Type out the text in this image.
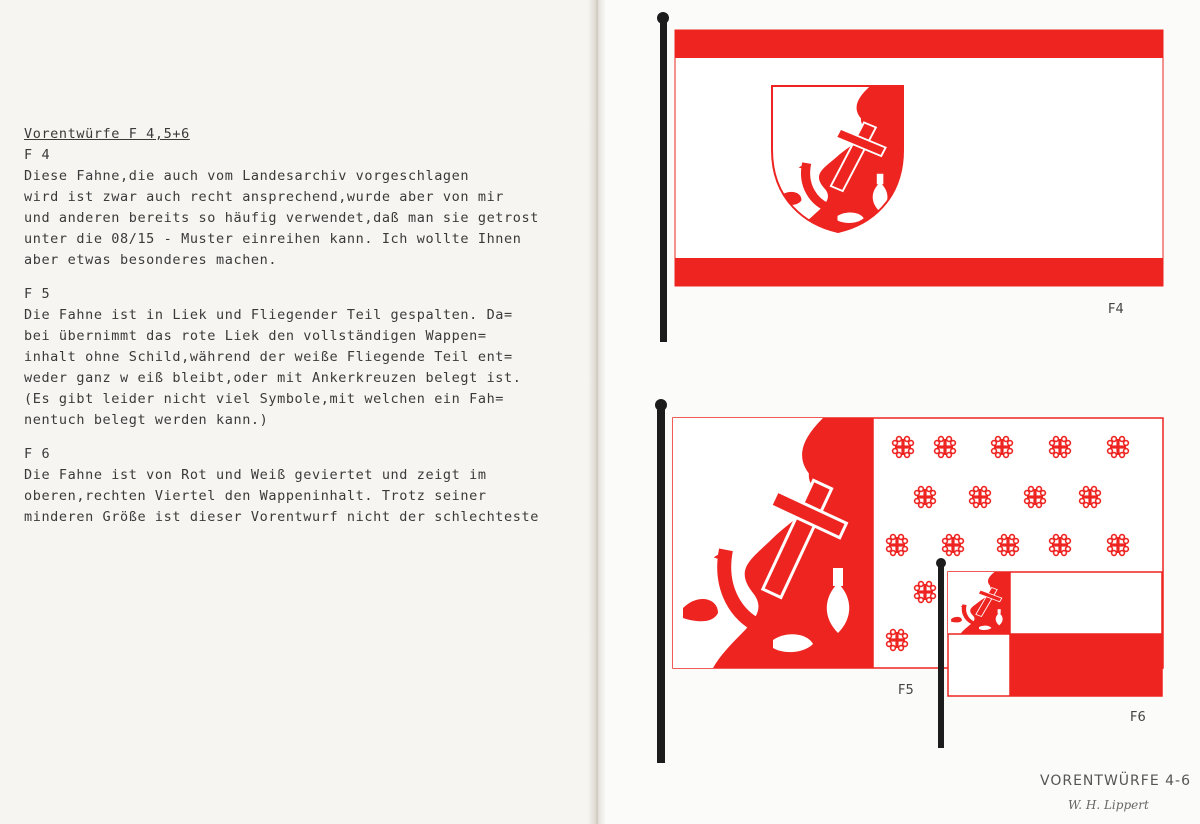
Vorentwürfe F 4,5+6

F 4

Diese Fahne,die auch vom Landesarchiv vorgeschlagen

wird ist zwar auch recht ansprechend,wurde aber von mir

und anderen bereits so häufig verwendet,daß man sie getrost

unter die 08/15 - Muster einreihen kann. Ich wollte Ihnen

aber etwas besonderes machen.

F 5

Die Fahne ist in Liek und Fliegender Teil gespalten. Da=

bei übernimmt das rote Liek den vollständigen Wappen=

inhalt ohne Schild,während der weiße Fliegende Teil ent=

weder ganz w eiß bleibt,oder mit Ankerkreuzen belegt ist.

(Es gibt leider nicht viel Symbole,mit welchen ein Fah=

nentuch belegt werden kann.)

F 6

Die Fahne ist von Rot und Weiß geviertet und zeigt im

oberen,rechten Viertel den Wappeninhalt. Trotz seiner

minderen Größe ist dieser Vorentwurf nicht der schlechteste

F4
F5
F6
VORENTWÜRFE 4-6
W. H. Lippert
